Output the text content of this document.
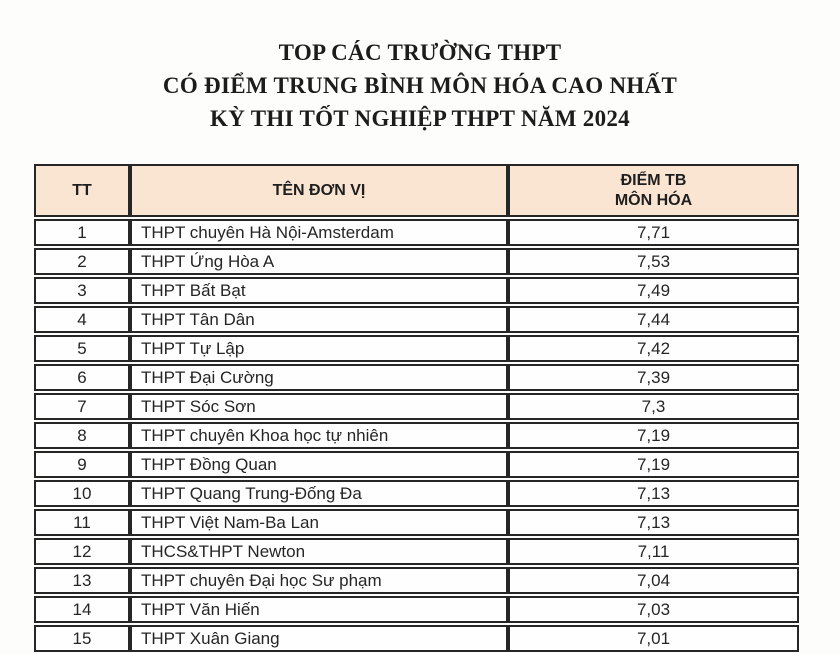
TOP CÁC TRƯỜNG THPT
CÓ ĐIỂM TRUNG BÌNH MÔN HÓA CAO NHẤT
KỲ THI TỐT NGHIỆP THPT NĂM 2024
TT	TÊN ĐƠN VỊ	ĐIỂM TB
MÔN HÓA

1	THPT chuyên Hà Nội-Amsterdam	7,71
2	THPT Ứng Hòa A	7,53
3	THPT Bất Bạt	7,49
4	THPT Tân Dân	7,44
5	THPT Tự Lập	7,42
6	THPT Đại Cường	7,39
7	THPT Sóc Sơn	7,3
8	THPT chuyên Khoa học tự nhiên	7,19
9	THPT Đồng Quan	7,19
10	THPT Quang Trung-Đống Đa	7,13
11	THPT Việt Nam-Ba Lan	7,13
12	THCS&THPT Newton	7,11
13	THPT chuyên Đại học Sư phạm	7,04
14	THPT Văn Hiến	7,03
15	THPT Xuân Giang	7,01
